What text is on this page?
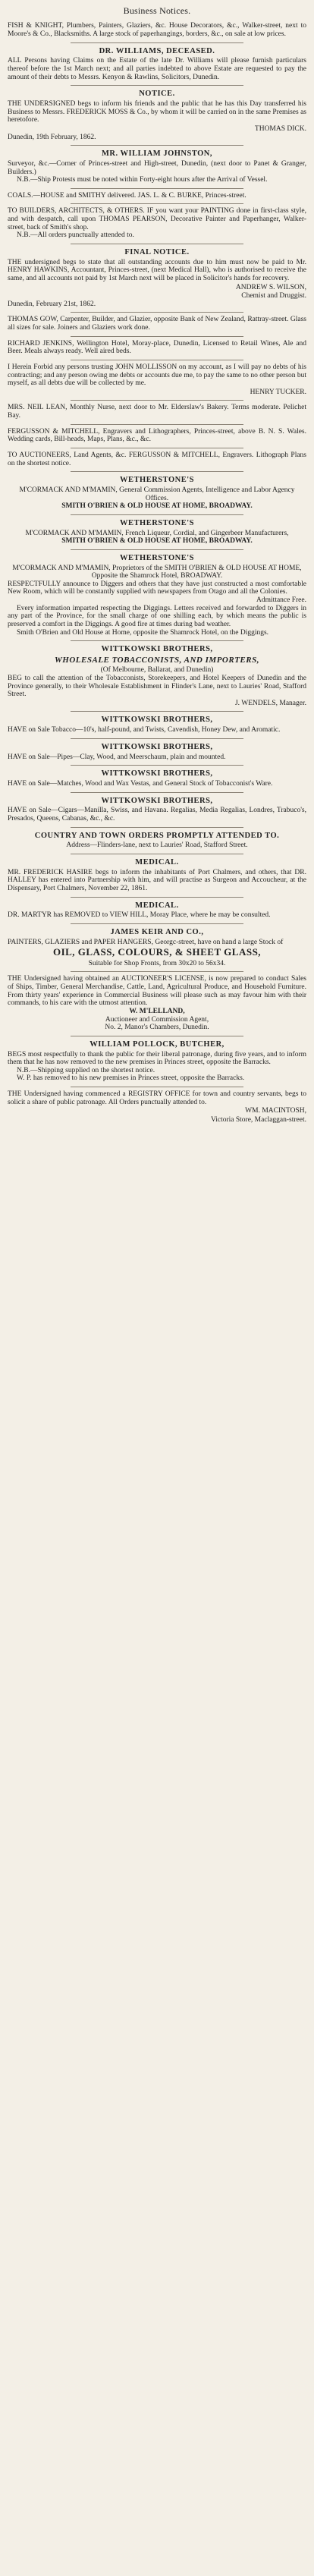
Business Notices.
FISH & KNIGHT, Plumbers, Painters, Glaziers, &c. House Decorators, &c., Walker-street, next to Moore's & Co., Blacksmiths. A large stock of paperhangings, borders, &c., on sale at low prices.
DR. WILLIAMS, DECEASED.
ALL Persons having Claims on the Estate of the late Dr. Williams will please furnish particulars thereof before the 1st March next; and all parties indebted to above Estate are requested to pay the amount of their debts to Messrs. Kenyon & Rawlins, Solicitors, Dunedin.
NOTICE.
THE UNDERSIGNED begs to inform his friends and the public that he has this Day transferred his Business to Messrs. FREDERICK MOSS & Co., by whom it will be carried on in the same Premises as heretofore.
THOMAS DICK.
Dunedin, 19th February, 1862.
MR. WILLIAM JOHNSTON,
Surveyor, &c.—Corner of Princes-street and High-street, Dunedin, (next door to Panet & Granger, Builders.)
N.B.—Ship Protests must be noted within Forty-eight hours after the Arrival of Vessel.
COALS.—HOUSE and SMITHY delivered. JAS. L. & C. BURKE, Princes-street.
TO BUILDERS, ARCHITECTS, & OTHERS. IF you want your PAINTING done in first-class style, and with despatch, call upon THOMAS PEARSON, Decorative Painter and Paperhanger, Walker-street, back of Smith's shop.
N.B.—All orders punctually attended to.
FINAL NOTICE.
THE undersigned begs to state that all outstanding accounts due to him must now be paid to Mr. HENRY HAWKINS, Accountant, Princes-street, (next Medical Hall), who is authorised to receive the same, and all accounts not paid by 1st March next will be placed in Solicitor's hands for recovery.
ANDREW S. WILSON,
Chemist and Druggist.
Dunedin, February 21st, 1862.
THOMAS GOW, Carpenter, Builder, and Glazier, opposite Bank of New Zealand, Rattray-street. Glass all sizes for sale. Joiners and Glaziers work done.
RICHARD JENKINS, Wellington Hotel, Moray-place, Dunedin, Licensed to Retail Wines, Ale and Beer. Meals always ready. Well aired beds.
I Herein Forbid any persons trusting JOHN MOLLISSON on my account, as I will pay no debts of his contracting; and any person owing me debts or accounts due me, to pay the same to no other person but myself, as all debts due will be collected by me.
HENRY TUCKER.
MRS. NEIL LEAN, Monthly Nurse, next door to Mr. Elderslaw's Bakery. Terms moderate. Pelichet Bay.
FERGUSSON & MITCHELL, Engravers and Lithographers, Princes-street, above B. N. S. Wales. Wedding cards, Bill-heads, Maps, Plans, &c., &c.
TO AUCTIONEERS, Land Agents, &c. FERGUSSON & MITCHELL, Engravers. Lithograph Plans on the shortest notice.
WETHERSTONE'S
M'CORMACK AND M'MAMIN, General Commission Agents, Intelligence and Labor Agency Offices.
SMITH O'BRIEN & OLD HOUSE AT HOME, BROADWAY.
WETHERSTONE'S
M'CORMACK AND M'MAMIN, French Liqueur, Cordial, and Gingerbeer Manufacturers,
SMITH O'BRIEN & OLD HOUSE AT HOME, BROADWAY.
WETHERSTONE'S
M'CORMACK AND M'MAMIN, Proprietors of the SMITH O'BRIEN & OLD HOUSE AT HOME, Opposite the Shamrock Hotel, BROADWAY.
RESPECTFULLY announce to Diggers and others that they have just constructed a most comfortable New Room, which will be constantly supplied with newspapers from Otago and all the Colonies.
Admittance Free.
Every information imparted respecting the Diggings. Letters received and forwarded to Diggers in any part of the Province, for the small charge of one shilling each, by which means the public is preserved a comfort in the Diggings. A good fire at times during bad weather.
Smith O'Brien and Old House at Home, opposite the Shamrock Hotel, on the Diggings.
WITTKOWSKI BROTHERS,
WHOLESALE TOBACCONISTS, AND IMPORTERS,
(Of Melbourne, Ballarat, and Dunedin)
BEG to call the attention of the Tobacconists, Storekeepers, and Hotel Keepers of Dunedin and the Province generally, to their Wholesale Establishment in Flinder's Lane, next to Lauries' Road, Stafford Street.
J. WENDELS, Manager.
WITTKOWSKI BROTHERS,
HAVE on Sale Tobacco—10's, half-pound, and Twists, Cavendish, Honey Dew, and Aromatic.
WITTKOWSKI BROTHERS,
HAVE on Sale—Pipes—Clay, Wood, and Meerschaum, plain and mounted.
WITTKOWSKI BROTHERS,
HAVE on Sale—Matches, Wood and Wax Vestas, and General Stock of Tobacconist's Ware.
WITTKOWSKI BROTHERS,
HAVE on Sale—Cigars—Manilla, Swiss, and Havana. Regalias, Media Regalias, Londres, Trabuco's, Presados, Queens, Cabanas, &c., &c.
COUNTRY AND TOWN ORDERS PROMPTLY ATTENDED TO.
Address—Flinders-lane, next to Lauries' Road, Stafford Street.
MEDICAL.
MR. FREDERICK HASIRE begs to inform the inhabitants of Port Chalmers, and others, that DR. HALLEY has entered into Partnership with him, and will practise as Surgeon and Accoucheur, at the Dispensary, Port Chalmers, November 22, 1861.
MEDICAL.
DR. MARTYR has REMOVED to VIEW HILL, Moray Place, where he may be consulted.
JAMES KEIR AND CO.,
PAINTERS, GLAZIERS and PAPER HANGERS, Georgc-street, have on hand a large Stock of
OIL, GLASS, COLOURS, & SHEET GLASS,
Suitable for Shop Fronts, from 30x20 to 56x34.
THE Undersigned having obtained an AUCTIONEER'S LICENSE, is now prepared to conduct Sales of Ships, Timber, General Merchandise, Cattle, Land, Agricultural Produce, and Household Furniture. From thirty years' experience in Commercial Business will please such as may favour him with their commands, to his care with the utmost attention.
W. M'LELLAND,
Auctioneer and Commission Agent,
No. 2, Manor's Chambers, Dunedin.
WILLIAM POLLOCK, BUTCHER,
BEGS most respectfully to thank the public for their liberal patronage, during five years, and to inform them that he has now removed to the new premises in Princes street, opposite the Barracks.
N.B.—Shipping supplied on the shortest notice.
W. P. has removed to his new premises in Princes street, opposite the Barracks.
THE Undersigned having commenced a REGISTRY OFFICE for town and country servants, begs to solicit a share of public patronage. All Orders punctually attended to.
WM. MACINTOSH,
Victoria Store, Maclaggan-street.
